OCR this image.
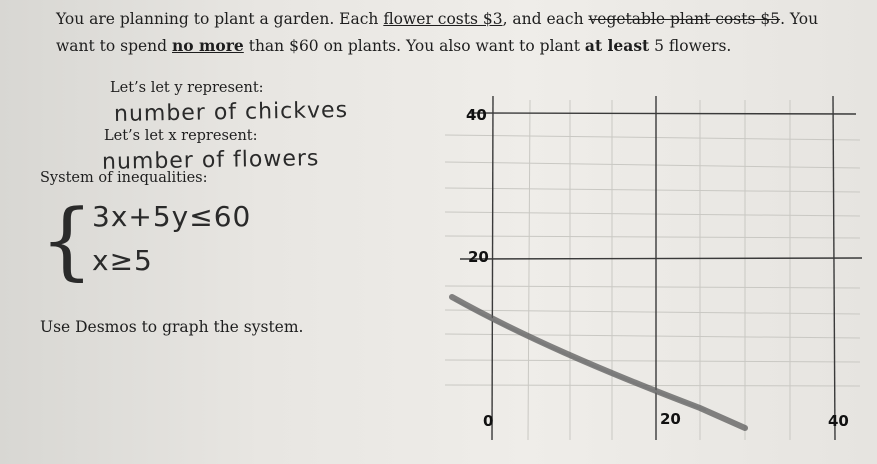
You are planning to plant a garden. Each flower costs $3, and each vegetable plant costs $5. You
want to spend no more than $60 on plants. You also want to plant at least 5 flowers.
Let’s let y represent:
number of chickves
Let’s let x represent:
number of flowers
System of inequalities:
{
3x+5y≤60
x≥5
Use Desmos to graph the system.
40
20
0	20	40
